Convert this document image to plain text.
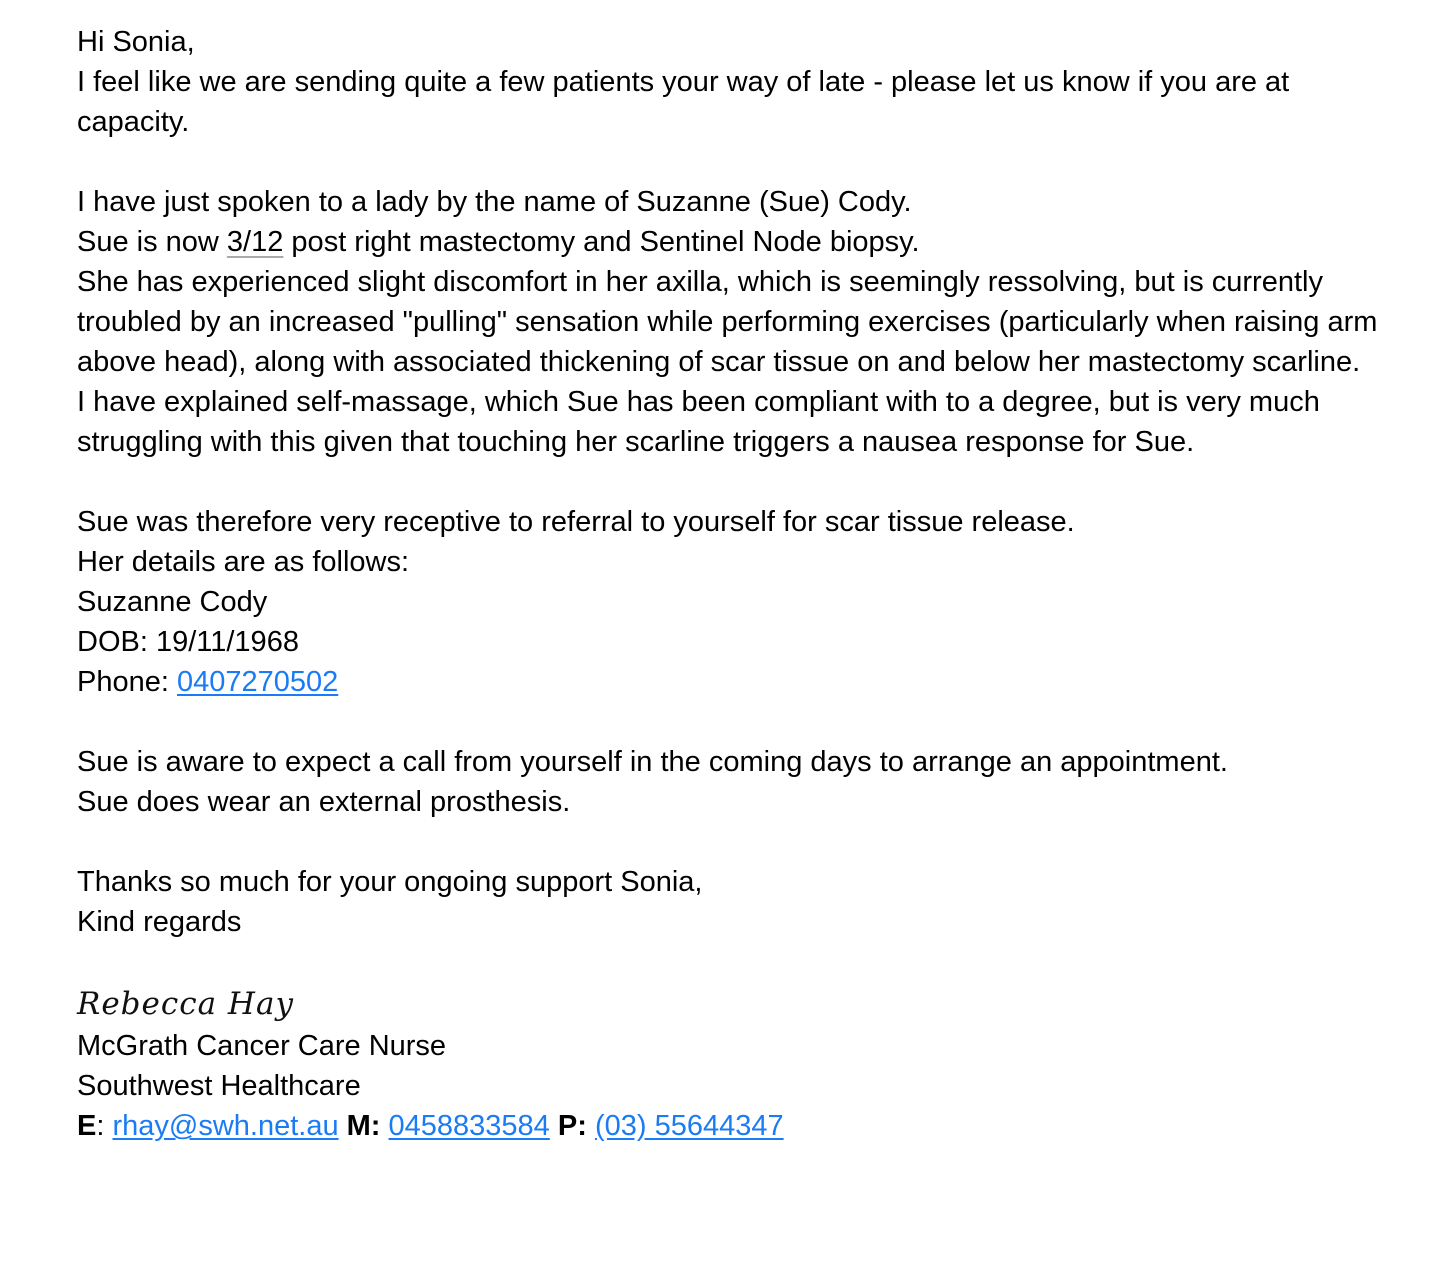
Hi Sonia,
I feel like we are sending quite a few patients your way of late - please let us know if you are at capacity.
I have just spoken to a lady by the name of Suzanne (Sue) Cody.
Sue is now 3/12 post right mastectomy and Sentinel Node biopsy.
She has experienced slight discomfort in her axilla, which is seemingly ressolving, but is currently troubled by an increased "pulling" sensation while performing exercises (particularly when raising arm above head), along with associated thickening of scar tissue on and below her mastectomy scarline.
I have explained self-massage, which Sue has been compliant with to a degree, but is very much struggling with this given that touching her scarline triggers a nausea response for Sue.
Sue was therefore very receptive to referral to yourself for scar tissue release.
Her details are as follows:
Suzanne Cody
DOB: 19/11/1968
Phone: 0407270502
Sue is aware to expect a call from yourself in the coming days to arrange an appointment.
Sue does wear an external prosthesis.
Thanks so much for your ongoing support Sonia,
Kind regards
Rebecca Hay
McGrath Cancer Care Nurse
Southwest Healthcare
E: rhay@swh.net.au M: 0458833584 P: (03) 55644347
